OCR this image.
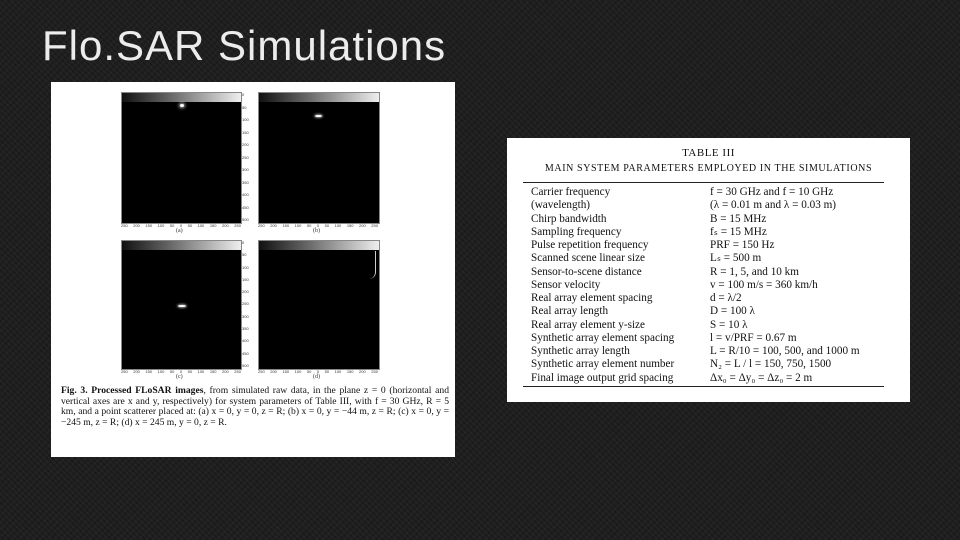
Flo.SAR Simulations
0
50
100
150
200
250
300
350
400
450
500
250 200 150 100 50 0 50 100 150 200 250
(a)
250 200 150 100 50 0 50 100 150 200 250
(b)
0
50
100
150
200
250
300
350
400
450
500
250 200 150 100 50 0 50 100 150 200 250
(c)
250 200 150 100 50 0 50 100 150 200 250
(d)
Fig. 3. Processed FLoSAR images, from simulated raw data, in the plane z = 0 (horizontal and vertical axes are x and y, respectively) for system parameters of Table III, with f = 30 GHz, R = 5 km, and a point scatterer placed at: (a) x = 0, y = 0, z = R; (b) x = 0, y = −44 m, z = R; (c) x = 0, y = −245 m, z = R; (d) x = 245 m, y = 0, z = R.
TABLE III
MAIN SYSTEM PARAMETERS EMPLOYED IN THE SIMULATIONS
Carrier frequency	f = 30 GHz and f = 10 GHz
(wavelength)	(λ = 0.01 m and λ = 0.03 m)
Chirp bandwidth	B = 15 MHz
Sampling frequency	fₛ = 15 MHz
Pulse repetition frequency	PRF = 150 Hz
Scanned scene linear size	Lₛ = 500 m
Sensor-to-scene distance	R = 1, 5, and 10 km
Sensor velocity	v = 100 m/s = 360 km/h
Real array element spacing	d = λ/2
Real array length	D = 100 λ
Real array element y-size	S = 10 λ
Synthetic array element spacing	l = v/PRF = 0.67 m
Synthetic array length	L = R/10 = 100, 500, and 1000 m
Synthetic array element number	N₂ = L / l = 150, 750, 1500
Final image output grid spacing	Δx₀ = Δy₀ = Δz₀ = 2 m
